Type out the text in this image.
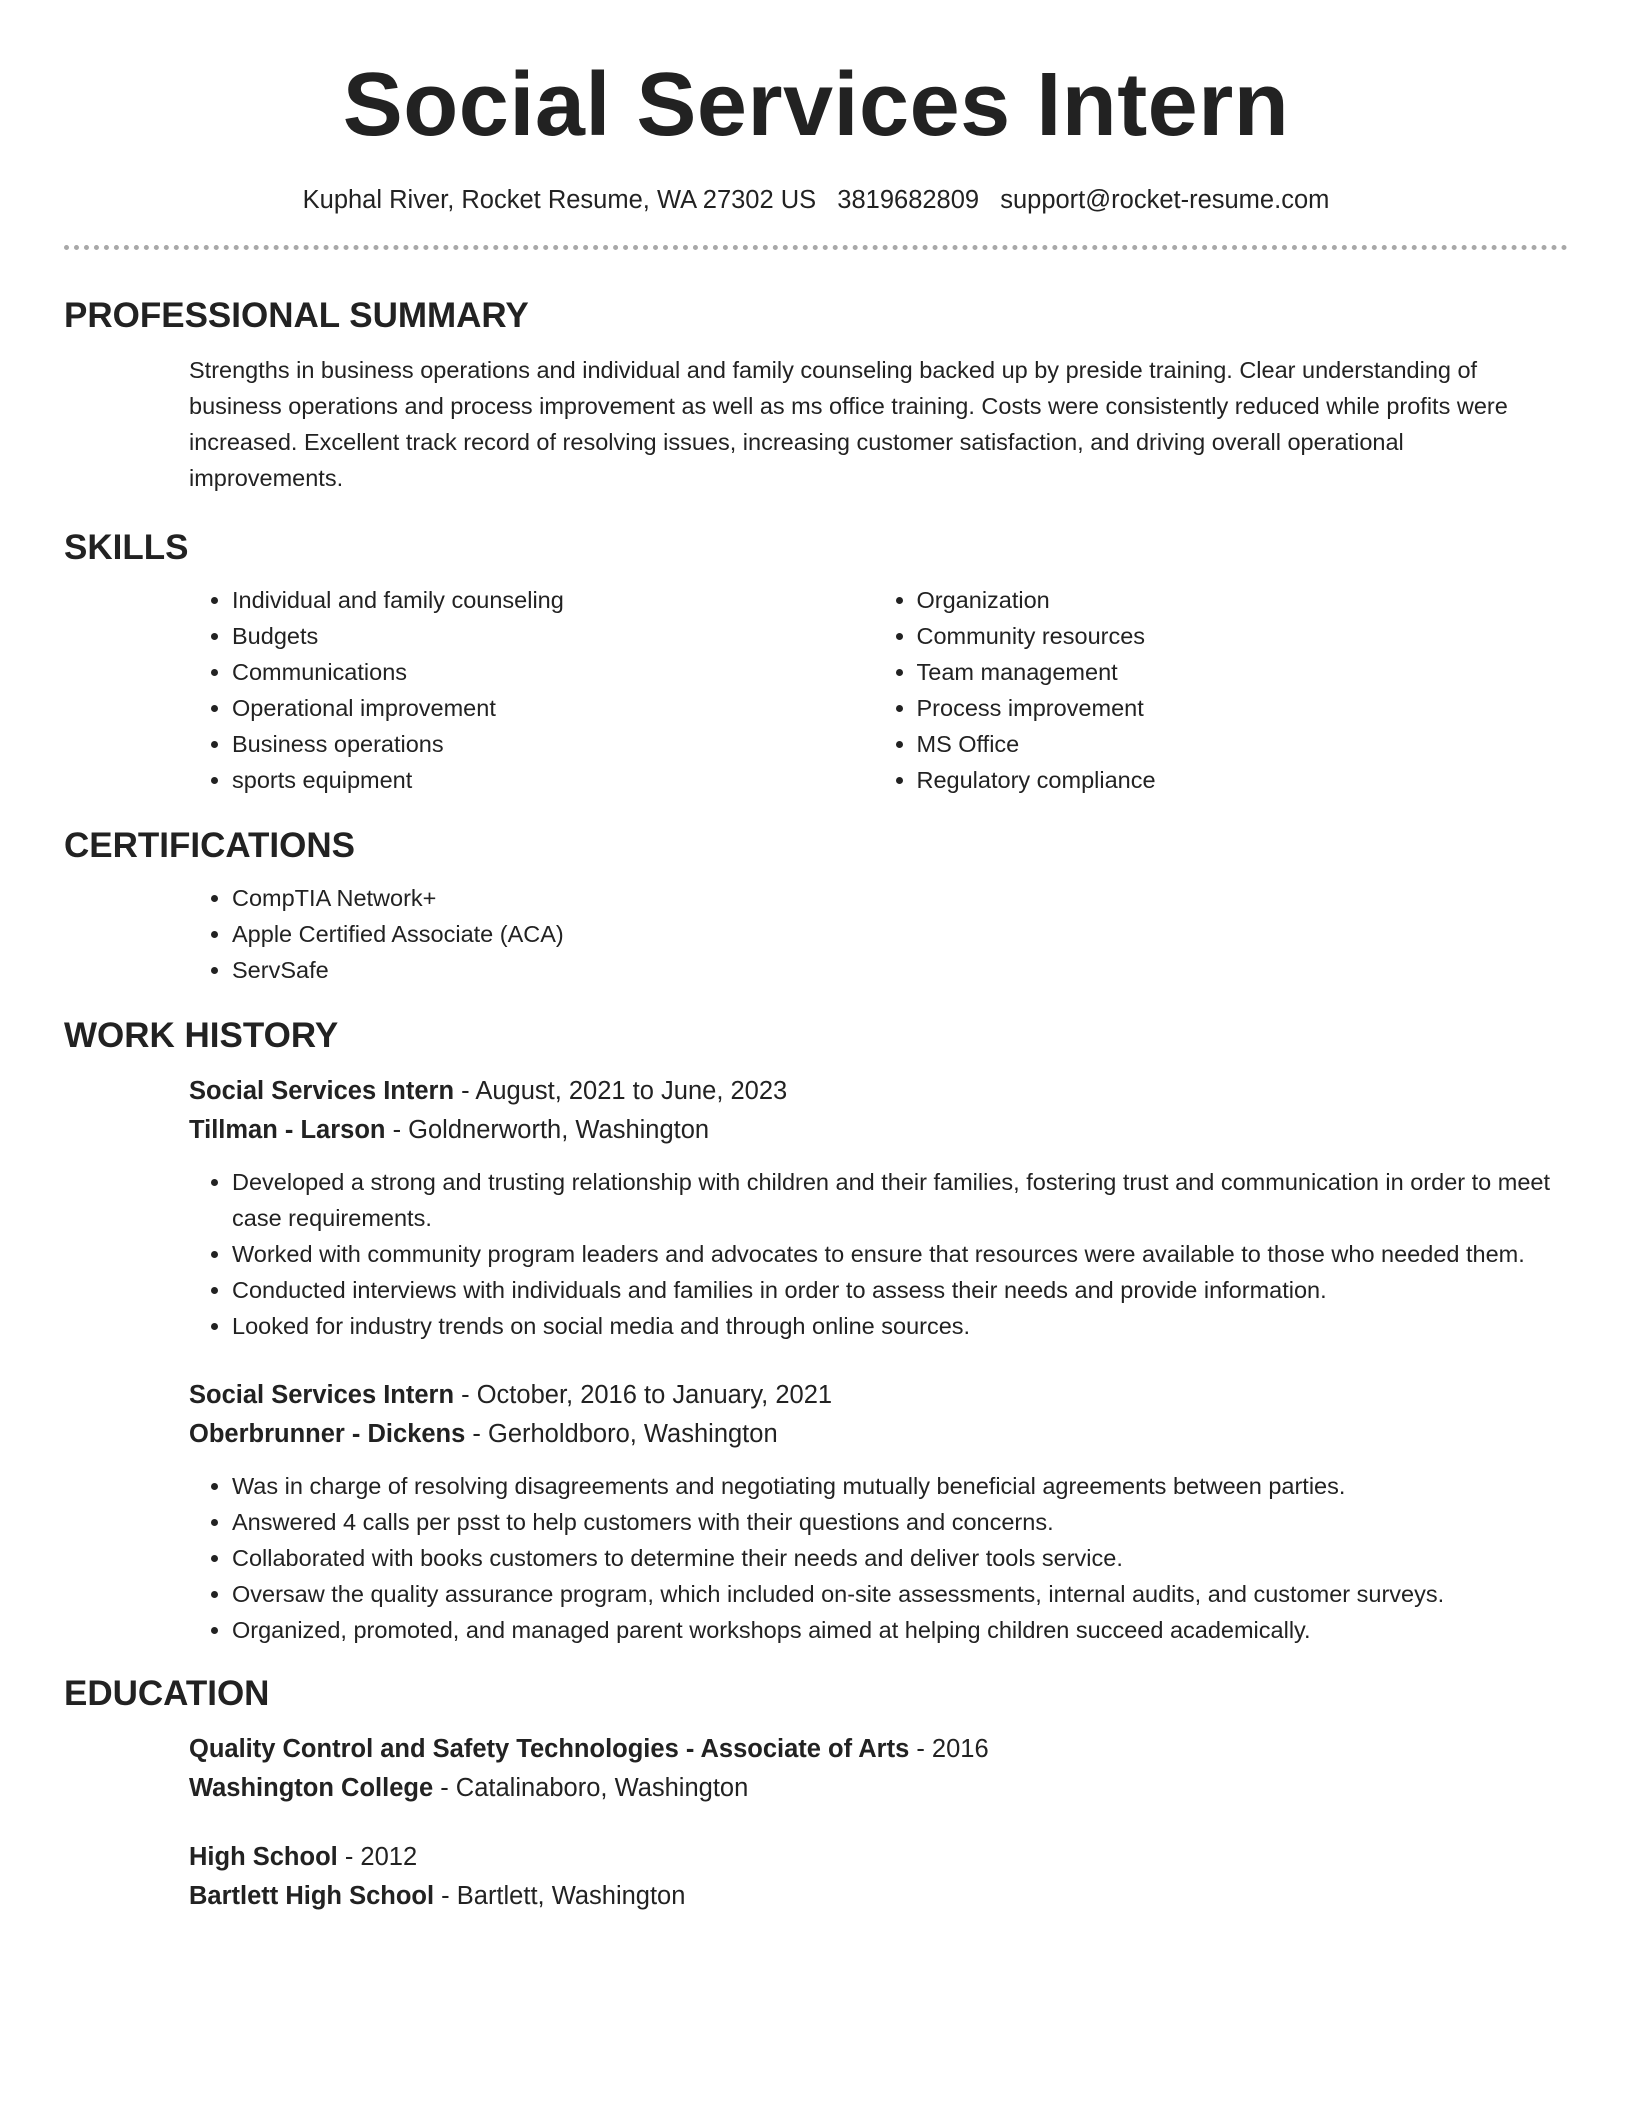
Social Services Intern
Kuphal River, Rocket Resume, WA 27302 US 3819682809 support@rocket-resume.com
PROFESSIONAL SUMMARY

Strengths in business operations and individual and family counseling backed up by preside training. Clear understanding of business operations and process improvement as well as ms office training. Costs were consistently reduced while profits were increased. Excellent track record of resolving issues, increasing customer satisfaction, and driving overall operational improvements.

SKILLS
• Individual and family counseling
• Budgets
• Communications
• Operational improvement
• Business operations
• sports equipment
• Organization
• Community resources
• Team management
• Process improvement
• MS Office
• Regulatory compliance
CERTIFICATIONS
• CompTIA Network+
• Apple Certified Associate (ACA)
• ServSafe
WORK HISTORY
Social Services Intern - August, 2021 to June, 2023
Tillman - Larson - Goldnerworth, Washington
• Developed a strong and trusting relationship with children and their families, fostering trust and communication in order to meet case requirements.
• Worked with community program leaders and advocates to ensure that resources were available to those who needed them.
• Conducted interviews with individuals and families in order to assess their needs and provide information.
• Looked for industry trends on social media and through online sources.
Social Services Intern - October, 2016 to January, 2021
Oberbrunner - Dickens - Gerholdboro, Washington
• Was in charge of resolving disagreements and negotiating mutually beneficial agreements between parties.
• Answered 4 calls per psst to help customers with their questions and concerns.
• Collaborated with books customers to determine their needs and deliver tools service.
• Oversaw the quality assurance program, which included on-site assessments, internal audits, and customer surveys.
• Organized, promoted, and managed parent workshops aimed at helping children succeed academically.
EDUCATION
Quality Control and Safety Technologies - Associate of Arts - 2016
Washington College - Catalinaboro, Washington
High School - 2012
Bartlett High School - Bartlett, Washington
